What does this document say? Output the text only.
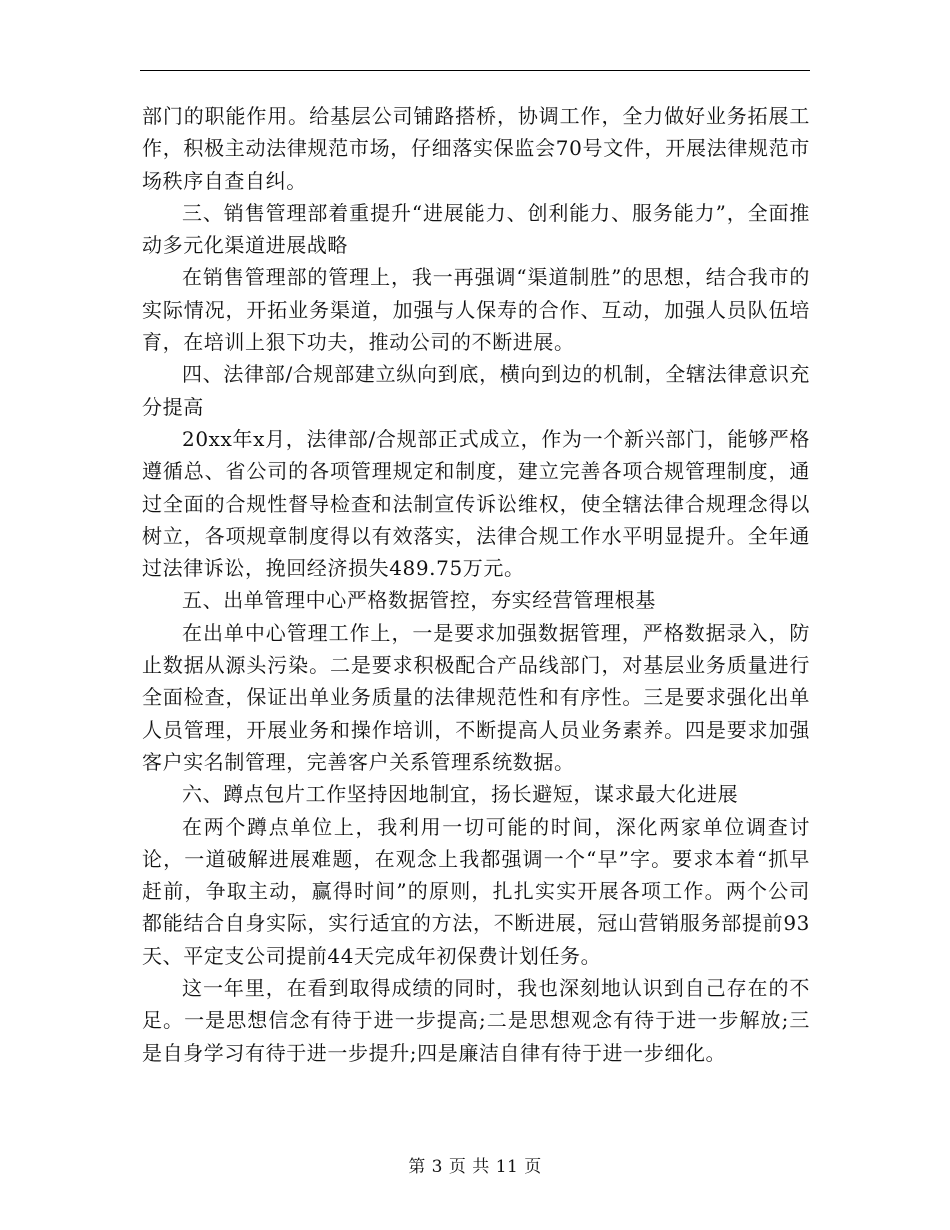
部门的职能作用。给基层公司铺路搭桥，协调工作，全力做好业务拓展工作，积极主动法律规范市场，仔细落实保监会70号文件，开展法律规范市场秩序自查自纠。

三、销售管理部着重提升“进展能力、创利能力、服务能力”，全面推动多元化渠道进展战略

在销售管理部的管理上，我一再强调“渠道制胜”的思想，结合我市的实际情况，开拓业务渠道，加强与人保寿的合作、互动，加强人员队伍培育，在培训上狠下功夫，推动公司的不断进展。

四、法律部/合规部建立纵向到底，横向到边的机制，全辖法律意识充分提高

20xx年x月，法律部/合规部正式成立，作为一个新兴部门，能够严格遵循总、省公司的各项管理规定和制度，建立完善各项合规管理制度，通过全面的合规性督导检查和法制宣传诉讼维权，使全辖法律合规理念得以树立，各项规章制度得以有效落实，法律合规工作水平明显提升。全年通过法律诉讼，挽回经济损失489.75万元。

五、出单管理中心严格数据管控，夯实经营管理根基

在出单中心管理工作上，一是要求加强数据管理，严格数据录入，防止数据从源头污染。二是要求积极配合产品线部门，对基层业务质量进行全面检查，保证出单业务质量的法律规范性和有序性。三是要求强化出单人员管理，开展业务和操作培训，不断提高人员业务素养。四是要求加强客户实名制管理，完善客户关系管理系统数据。

六、蹲点包片工作坚持因地制宜，扬长避短，谋求最大化进展

在两个蹲点单位上，我利用一切可能的时间，深化两家单位调查讨论，一道破解进展难题，在观念上我都强调一个“早”字。要求本着“抓早赶前，争取主动，赢得时间”的原则，扎扎实实开展各项工作。两个公司都能结合自身实际，实行适宜的方法，不断进展，冠山营销服务部提前93天、平定支公司提前44天完成年初保费计划任务。

这一年里，在看到取得成绩的同时，我也深刻地认识到自己存在的不足。一是思想信念有待于进一步提高;二是思想观念有待于进一步解放;三是自身学习有待于进一步提升;四是廉洁自律有待于进一步细化。

第 3 页 共 11 页
